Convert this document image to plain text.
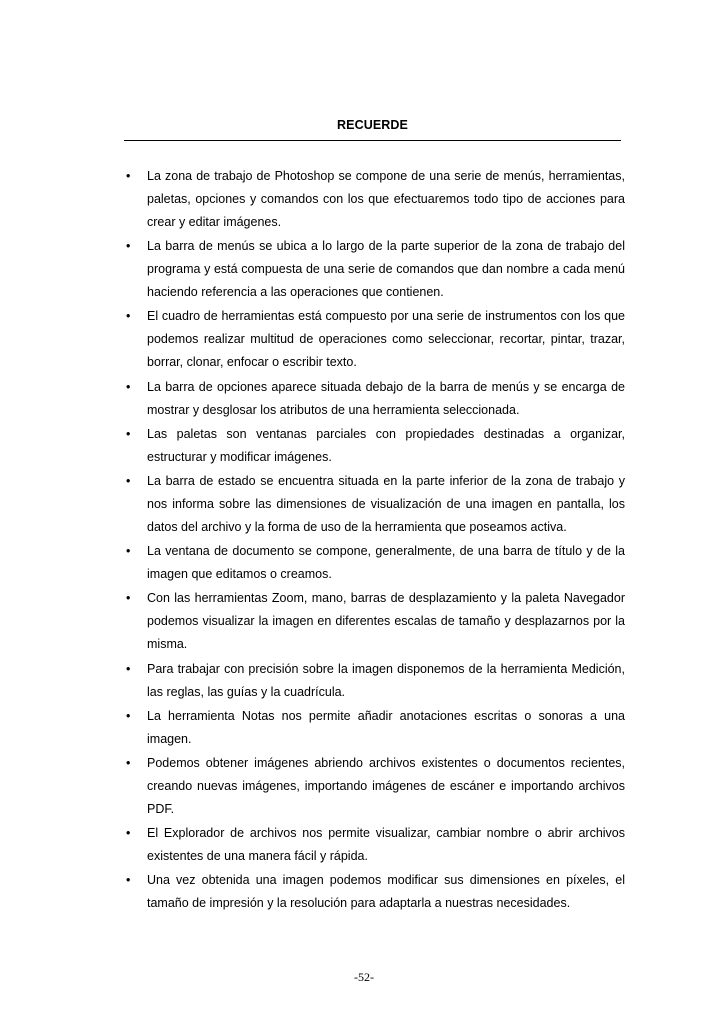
RECUERDE
• La zona de trabajo de Photoshop se compone de una serie de menús, herramientas, paletas, opciones y comandos con los que efectuaremos todo tipo de acciones para crear y editar imágenes.
• La barra de menús se ubica a lo largo de la parte superior de la zona de trabajo del programa y está compuesta de una serie de comandos que dan nombre a cada menú haciendo referencia a las operaciones que contienen.
• El cuadro de herramientas está compuesto por una serie de instrumentos con los que podemos realizar multitud de operaciones como seleccionar, recortar, pintar, trazar, borrar, clonar, enfocar o escribir texto.
• La barra de opciones aparece situada debajo de la barra de menús y se encarga de mostrar y desglosar los atributos de una herramienta seleccionada.
• Las paletas son ventanas parciales con propiedades destinadas a organizar, estructurar y modificar imágenes.
• La barra de estado se encuentra situada en la parte inferior de la zona de trabajo y nos informa sobre las dimensiones de visualización de una imagen en pantalla, los datos del archivo y la forma de uso de la herramienta que poseamos activa.
• La ventana de documento se compone, generalmente, de una barra de título y de la imagen que editamos o creamos.
• Con las herramientas Zoom, mano, barras de desplazamiento y la paleta Navegador podemos visualizar la imagen en diferentes escalas de tamaño y desplazarnos por la misma.
• Para trabajar con precisión sobre la imagen disponemos de la herramienta Medición, las reglas, las guías y la cuadrícula.
• La herramienta Notas nos permite añadir anotaciones escritas o sonoras a una imagen.
• Podemos obtener imágenes abriendo archivos existentes o documentos recientes, creando nuevas imágenes, importando imágenes de escáner e importando archivos PDF.
• El Explorador de archivos nos permite visualizar, cambiar nombre o abrir archivos existentes de una manera fácil y rápida.
• Una vez obtenida una imagen podemos modificar sus dimensiones en píxeles, el tamaño de impresión y la resolución para adaptarla a nuestras necesidades.
-52-
